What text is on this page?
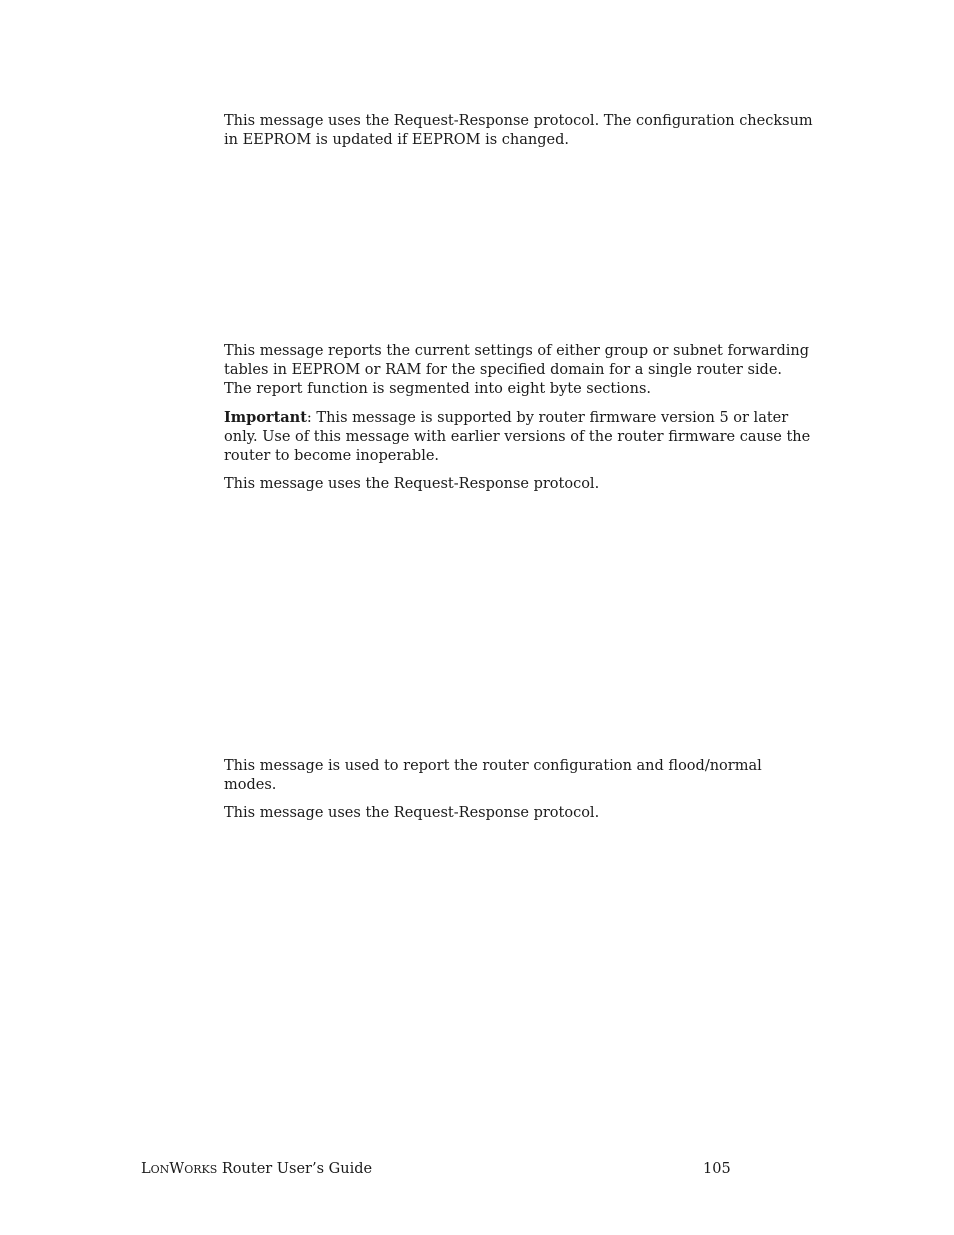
This message uses the Request-Response protocol. The configuration checksum in EEPROM is updated if EEPROM is changed.

This message reports the current settings of either group or subnet forwarding tables in EEPROM or RAM for the specified domain for a single router side. The report function is segmented into eight byte sections.

Important: This message is supported by router firmware version 5 or later only. Use of this message with earlier versions of the router firmware cause the router to become inoperable.

This message uses the Request-Response protocol.

This message is used to report the router configuration and flood/normal modes.

This message uses the Request-Response protocol.

LONWORKS Router User’s Guide	105
